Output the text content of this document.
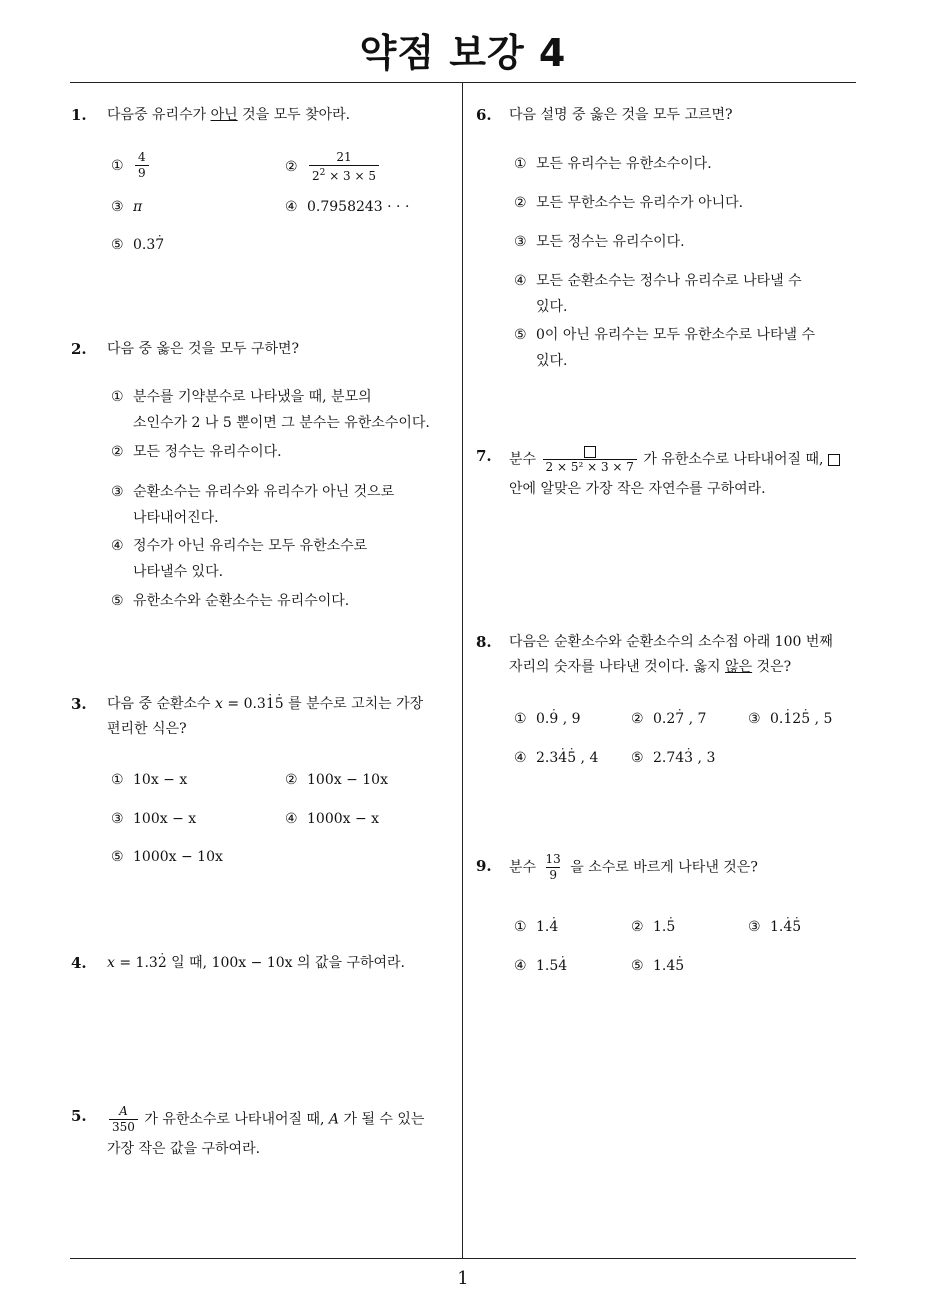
약점 보강 4
1
1. 다음중 유리수가 아닌 것을 모두 찾아라.
① $\frac{4}{9}$	② $\frac{21}{2^2 \times 3 \times 5}$
③ π	④ 0.7958243 · · ·
⑤ 0.37 ˙
2. 다음 중 옳은 것을 모두 구하면?
① 분수를 기약분수로 나타냈을 때, 분모의
소인수가 2 나 5 뿐이면 그 분수는 유한소수이다.
② 모든 정수는 유리수이다.
③ 순환소수는 유리수와 유리수가 아닌 것으로
나타내어진다.
④ 정수가 아닌 유리수는 모두 유한소수로
나타낼수 있다.
⑤ 유한소수와 순환소수는 유리수이다.
3. 다음 중 순환소수 x = 0.31 ˙5 ˙ 를 분수로 고치는 가장
편리한 식은?
① 10x − x	② 100x − 10x
③ 100x − x	④ 1000x − x
⑤ 1000x − 10x
4. x = 1.32 ˙ 일 때, 100x − 10x 의 값을 구하여라.
5. $\frac{A}{350}$ 가 유한소수로 나타내어질 때, A 가 될 수 있는
가장 작은 값을 구하여라.
6. 다음 설명 중 옳은 것을 모두 고르면?
① 모든 유리수는 유한소수이다.
② 모든 무한소수는 유리수가 아니다.
③ 모든 정수는 유리수이다.
④ 모든 순환소수는 정수나 유리수로 나타낼 수
있다.
⑤ 0이 아닌 유리수는 모두 유한소수로 나타낼 수
있다.
7. 분수 2 × 5² × 3 × 7 가 유한소수로 나타내어질 때,
안에 알맞은 가장 작은 자연수를 구하여라.
8. 다음은 순환소수와 순환소수의 소수점 아래 100 번째
자리의 숫자를 나타낸 것이다. 옳지 않은 것은?
① 0.9 ˙ , 9	② 0.27 ˙ , 7	③ 0.1 ˙25 ˙ , 5
④ 2.34 ˙5 ˙ , 4 ⑤ 2.743 ˙ , 3
9. 분수 $\frac{13}{9}$ 을 소수로 바르게 나타낸 것은?
① 1.4 ˙	② 1.5 ˙	③ 1.4 ˙5 ˙
④ 1.54 ˙	⑤ 1.45 ˙
